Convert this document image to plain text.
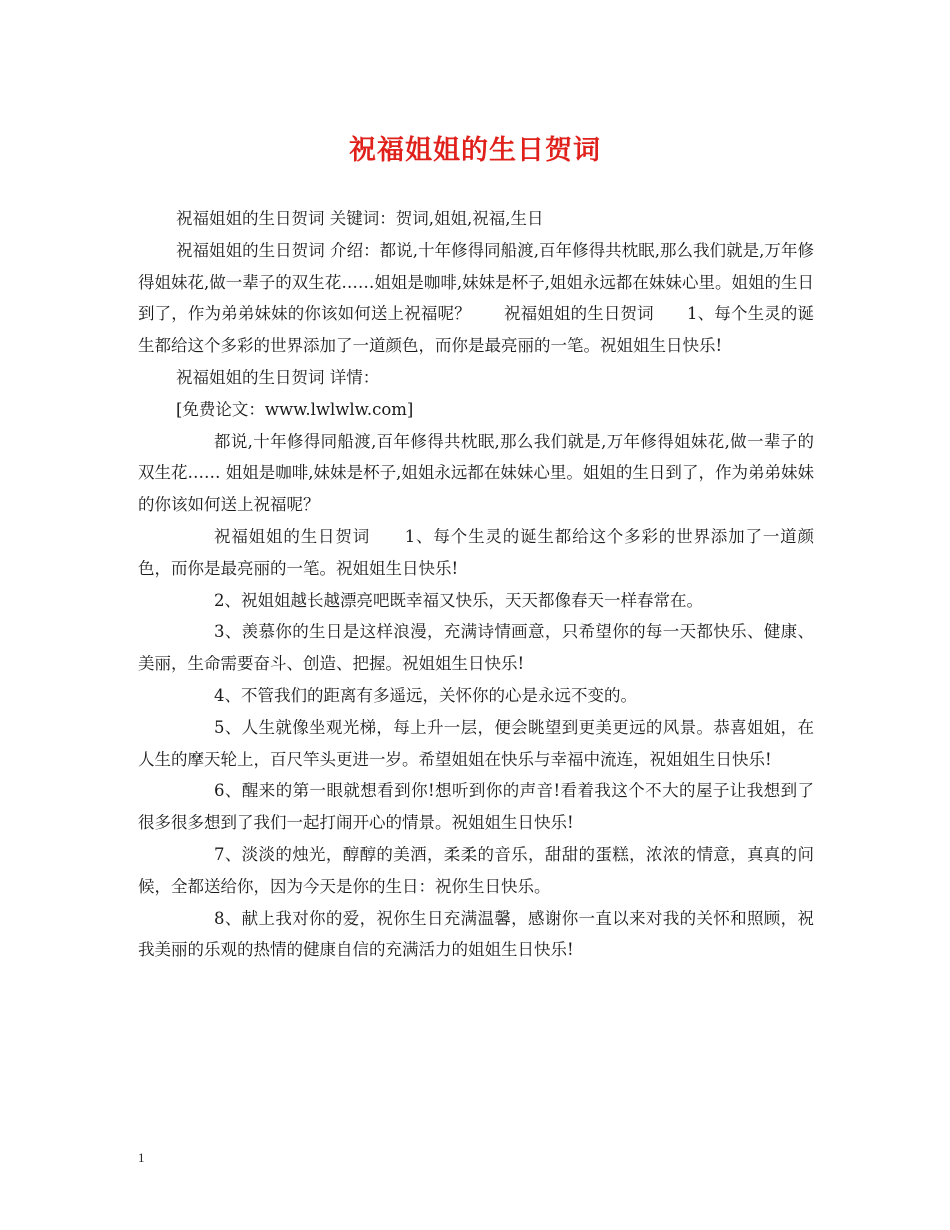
祝福姐姐的生日贺词

祝福姐姐的生日贺词 关键词：贺词,姐姐,祝福,生日

祝福姐姐的生日贺词 介绍：都说,十年修得同船渡,百年修得共枕眠,那么我们就是,万年修得姐妹花,做一辈子的双生花……姐姐是咖啡,妹妹是杯子,姐姐永远都在妹妹心里。姐姐的生日到了，作为弟弟妹妹的你该如何送上祝福呢？　　祝福姐姐的生日贺词　　1、每个生灵的诞生都给这个多彩的世界添加了一道颜色，而你是最亮丽的一笔。祝姐姐生日快乐!

祝福姐姐的生日贺词 详情：

[免费论文：www.lwlwlw.com]

都说,十年修得同船渡,百年修得共枕眠,那么我们就是,万年修得姐妹花,做一辈子的双生花…… 姐姐是咖啡,妹妹是杯子,姐姐永远都在妹妹心里。姐姐的生日到了，作为弟弟妹妹的你该如何送上祝福呢？

祝福姐姐的生日贺词　　1、每个生灵的诞生都给这个多彩的世界添加了一道颜色，而你是最亮丽的一笔。祝姐姐生日快乐!

2、祝姐姐越长越漂亮吧既幸福又快乐，天天都像春天一样春常在。

3、羡慕你的生日是这样浪漫，充满诗情画意，只希望你的每一天都快乐、健康、美丽，生命需要奋斗、创造、把握。祝姐姐生日快乐!

4、不管我们的距离有多遥远，关怀你的心是永远不变的。

5、人生就像坐观光梯，每上升一层，便会眺望到更美更远的风景。恭喜姐姐，在人生的摩天轮上，百尺竿头更进一岁。希望姐姐在快乐与幸福中流连，祝姐姐生日快乐!

6、醒来的第一眼就想看到你!想听到你的声音!看着我这个不大的屋子让我想到了很多很多想到了我们一起打闹开心的情景。祝姐姐生日快乐!

7、淡淡的烛光，醇醇的美酒，柔柔的音乐，甜甜的蛋糕，浓浓的情意，真真的问候，全都送给你，因为今天是你的生日：祝你生日快乐。

8、献上我对你的爱，祝你生日充满温馨，感谢你一直以来对我的关怀和照顾，祝我美丽的乐观的热情的健康自信的充满活力的姐姐生日快乐!

1
